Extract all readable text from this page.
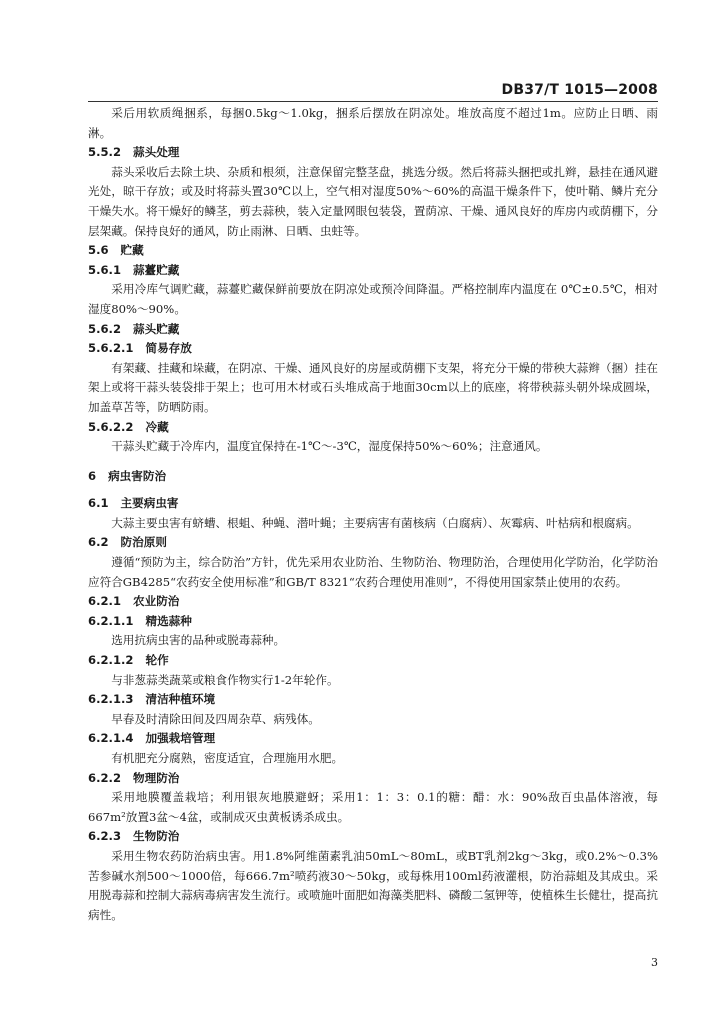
DB37/T 1015—2008

采后用软质绳捆系，每捆0.5kg～1.0kg，捆系后摆放在阴凉处。堆放高度不超过1m。应防止日晒、雨淋。

5.5.2 蒜头处理

蒜头采收后去除土块、杂质和根须，注意保留完整茎盘，挑选分级。然后将蒜头捆把或扎辫，悬挂在通风避光处，晾干存放；或及时将蒜头置30℃以上，空气相对湿度50%～60%的高温干燥条件下，使叶鞘、鳞片充分干燥失水。将干燥好的鳞茎，剪去蒜秧，装入定量网眼包装袋，置荫凉、干燥、通风良好的库房内或荫棚下，分层架藏。保持良好的通风，防止雨淋、日晒、虫蛀等。

5.6 贮藏
5.6.1 蒜薹贮藏

采用冷库气调贮藏，蒜薹贮藏保鲜前要放在阴凉处或预冷间降温。严格控制库内温度在 0℃±0.5℃，相对湿度80%～90%。

5.6.2 蒜头贮藏
5.6.2.1 简易存放

有架藏、挂藏和垛藏，在阴凉、干燥、通风良好的房屋或荫棚下支架，将充分干燥的带秧大蒜辫（捆）挂在架上或将干蒜头装袋排于架上；也可用木材或石头堆成高于地面30cm以上的底座，将带秧蒜头朝外垛成圆垛，加盖草苫等，防晒防雨。

5.6.2.2 冷藏

干蒜头贮藏于冷库内，温度宜保持在-1℃～-3℃，湿度保持50%～60%；注意通风。

6 病虫害防治
6.1 主要病虫害

大蒜主要虫害有蛴螬、根蛆、种蝇、潜叶蝇；主要病害有菌核病（白腐病）、灰霉病、叶枯病和根腐病。

6.2 防治原则

遵循“预防为主，综合防治”方针，优先采用农业防治、生物防治、物理防治，合理使用化学防治，化学防治应符合GB4285“农药安全使用标准”和GB/T 8321“农药合理使用准则”，不得使用国家禁止使用的农药。

6.2.1 农业防治
6.2.1.1 精选蒜种

选用抗病虫害的品种或脱毒蒜种。

6.2.1.2 轮作

与非葱蒜类蔬菜或粮食作物实行1-2年轮作。

6.2.1.3 清洁种植环境

早春及时清除田间及四周杂草、病残体。

6.2.1.4 加强栽培管理

有机肥充分腐熟，密度适宜，合理施用水肥。

6.2.2 物理防治

采用地膜覆盖栽培；利用银灰地膜避蚜；采用1：1：3：0.1的糖：醋：水：90%敌百虫晶体溶液，每667m²放置3盆～4盆，或制成灭虫黄板诱杀成虫。

6.2.3 生物防治

采用生物农药防治病虫害。用1.8%阿维菌素乳油50mL～80mL，或BT乳剂2kg～3kg，或0.2%～0.3%苦参碱水剂500～1000倍，每666.7m²喷药液30～50kg，或每株用100ml药液灌根，防治蒜蛆及其成虫。采用脱毒蒜和控制大蒜病毒病害发生流行。或喷施叶面肥如海藻类肥料、磷酸二氢钾等，使植株生长健壮，提高抗病性。

3
